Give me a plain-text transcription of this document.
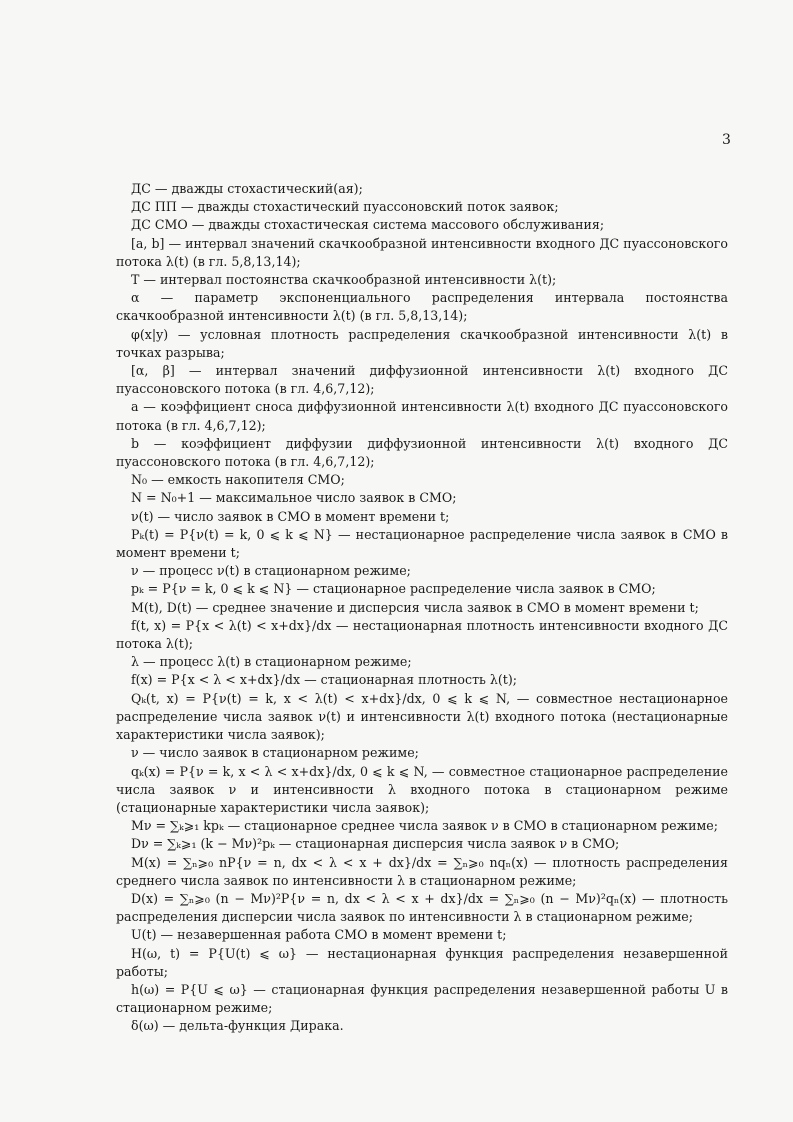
3

ДС — дважды стохастический(ая);

ДС ПП — дважды стохастический пуассоновский поток заявок;

ДС СМО — дважды стохастическая система массового обслуживания;

[a, b] — интервал значений скачкообразной интенсивности входного ДС пуассоновского потока λ(t) (в гл. 5,8,13,14);

T — интервал постоянства скачкообразной интенсивности λ(t);

α — параметр экспоненциального распределения интервала постоянства скачкообразной интенсивности λ(t) (в гл. 5,8,13,14);

φ(x|y) — условная плотность распределения скачкообразной интенсивности λ(t) в точках разрыва;

[α, β] — интервал значений диффузионной интенсивности λ(t) входного ДС пуассоновского потока (в гл. 4,6,7,12);

a — коэффициент сноса диффузионной интенсивности λ(t) входного ДС пуассоновского потока (в гл. 4,6,7,12);

b — коэффициент диффузии диффузионной интенсивности λ(t) входного ДС пуассоновского потока (в гл. 4,6,7,12);

N₀ — емкость накопителя СМО;

N = N₀+1 — максимальное число заявок в СМО;

ν(t) — число заявок в СМО в момент времени t;

Pₖ(t) = P{ν(t) = k, 0 ⩽ k ⩽ N} — нестационарное распределение числа заявок в СМО в момент времени t;

ν — процесс ν(t) в стационарном режиме;

pₖ = P{ν = k, 0 ⩽ k ⩽ N} — стационарное распределение числа заявок в СМО;

M(t), D(t) — среднее значение и дисперсия числа заявок в СМО в момент времени t;

f(t, x) = P{x < λ(t) < x+dx}/dx — нестационарная плотность интенсивности входного ДС потока λ(t);

λ — процесс λ(t) в стационарном режиме;

f(x) = P{x < λ < x+dx}/dx — стационарная плотность λ(t);

Qₖ(t, x) = P{ν(t) = k, x < λ(t) < x+dx}/dx, 0 ⩽ k ⩽ N, — совместное нестационарное распределение числа заявок ν(t) и интенсивности λ(t) входного потока (нестационарные характеристики числа заявок);

ν — число заявок в стационарном режиме;

qₖ(x) = P{ν = k, x < λ < x+dx}/dx, 0 ⩽ k ⩽ N, — совместное стационарное распределение числа заявок ν и интенсивности λ входного потока в стационарном режиме (стационарные характеристики числа заявок);

Mν = ∑ₖ⩾₁ kpₖ — стационарное среднее числа заявок ν в СМО в стационарном режиме;

Dν = ∑ₖ⩾₁ (k − Mν)²pₖ — стационарная дисперсия числа заявок ν в СМО;

M(x) = ∑ₙ⩾₀ nP{ν = n, dx < λ < x + dx}/dx = ∑ₙ⩾₀ nqₙ(x) — плотность распределения среднего числа заявок по интенсивности λ в стационарном режиме;

D(x) = ∑ₙ⩾₀ (n − Mν)²P{ν = n, dx < λ < x + dx}/dx = ∑ₙ⩾₀ (n − Mν)²qₙ(x) — плотность распределения дисперсии числа заявок по интенсивности λ в стационарном режиме;

U(t) — незавершенная работа СМО в момент времени t;

H(ω, t) = P{U(t) ⩽ ω} — нестационарная функция распределения незавершенной работы;

h(ω) = P{U ⩽ ω} — стационарная функция распределения незавершенной работы U в стационарном режиме;

δ(ω) — дельта-функция Дирака.
